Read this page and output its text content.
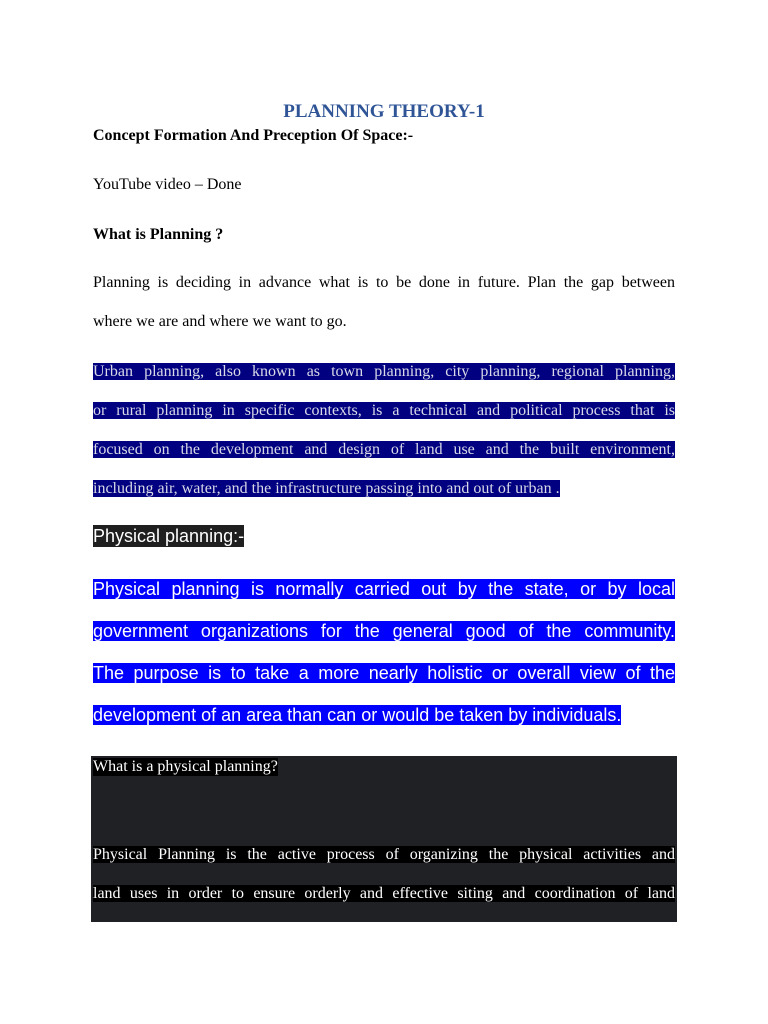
PLANNING THEORY-1
Concept Formation And Preception Of Space:-
YouTube video – Done
What is Planning ?
Planning is deciding in advance what is to be done in future. Plan the gap between
where we are and where we want to go.
Urban planning, also known as town planning, city planning, regional planning,
or rural planning in specific contexts, is a technical and political process that is
focused on the development and design of land use and the built environment,
including air, water, and the infrastructure passing into and out of urban .
Physical planning:-
Physical planning is normally carried out by the state, or by local
government organizations for the general good of the community.
The purpose is to take a more nearly holistic or overall view of the
development of an area than can or would be taken by individuals.
What is a physical planning?
Physical Planning is the active process of organizing the physical activities and
land uses in order to ensure orderly and effective siting and coordination of land
